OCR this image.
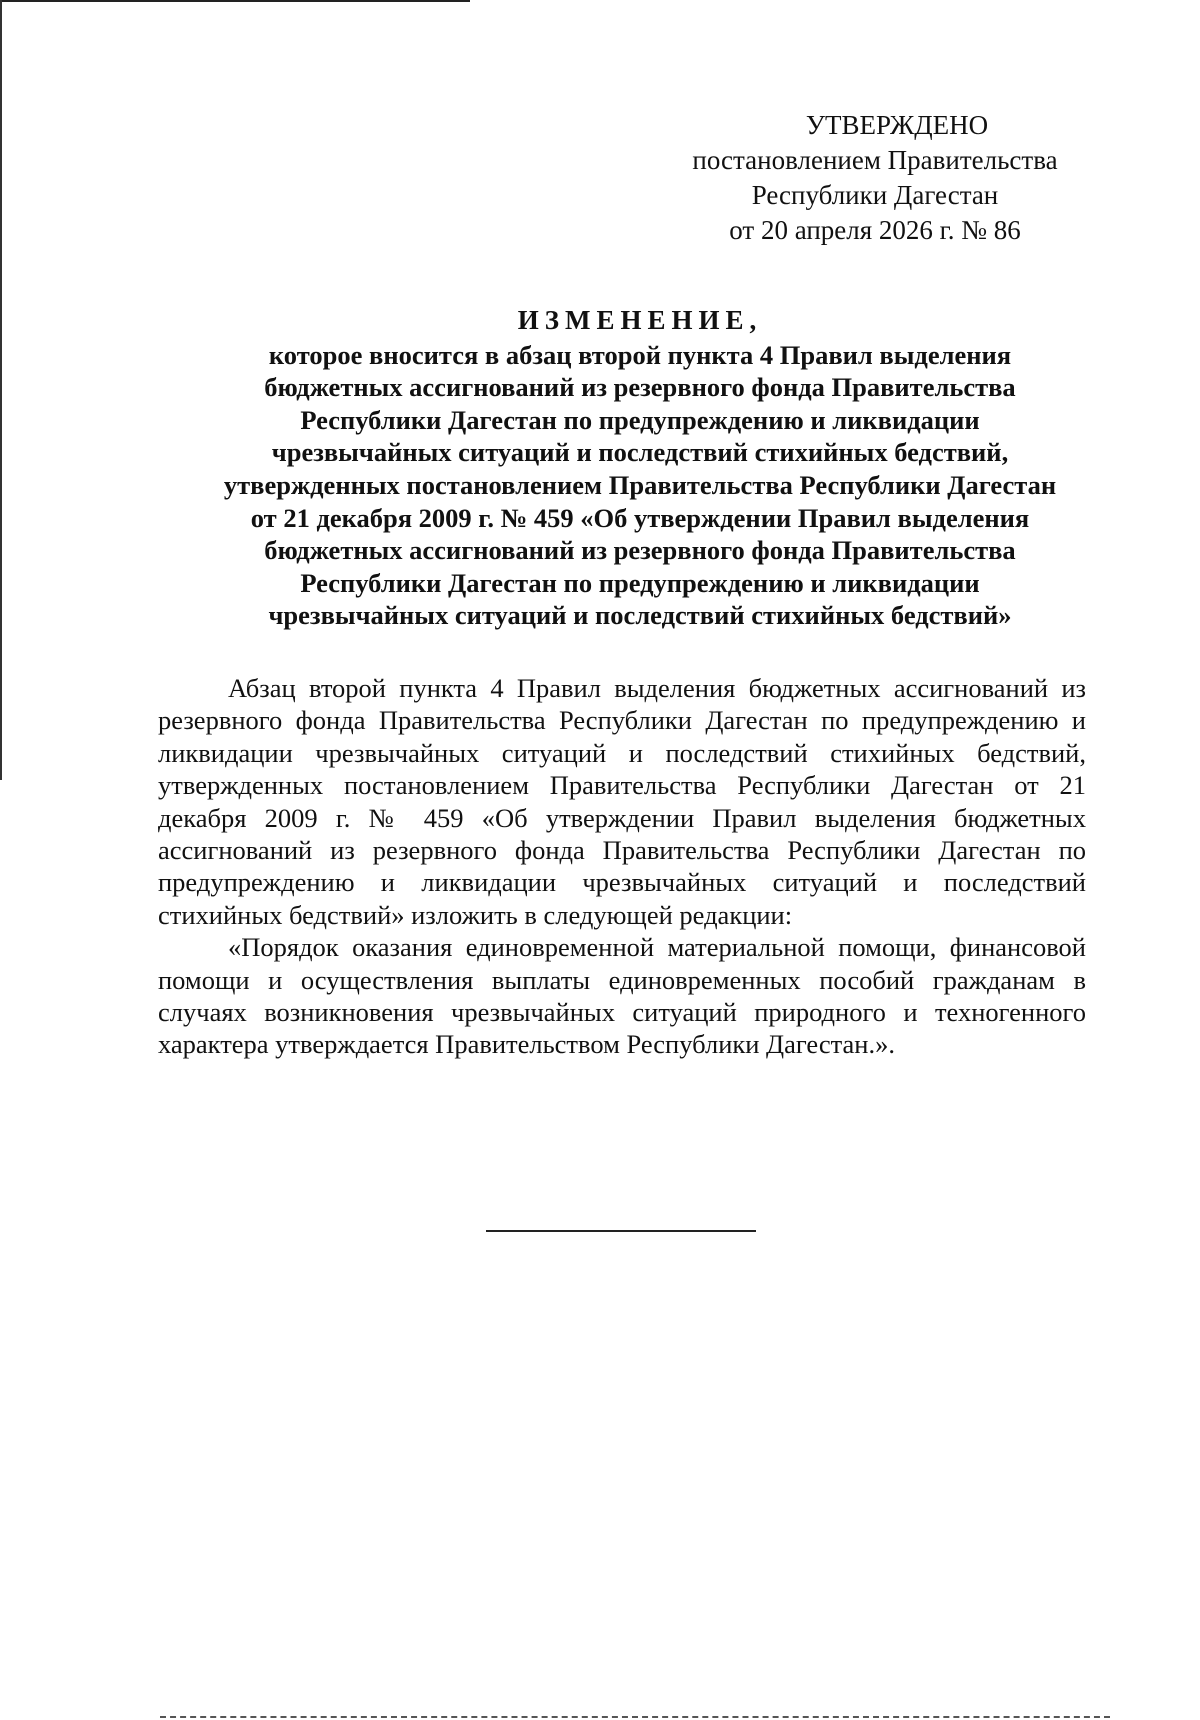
УТВЕРЖДЕНО
постановлением Правительства
Республики Дагестан
от 20 апреля 2026 г. № 86
ИЗМЕНЕНИЕ,
которое вносится в абзац второй пункта 4 Правил выделения
бюджетных ассигнований из резервного фонда Правительства
Республики Дагестан по предупреждению и ликвидации
чрезвычайных ситуаций и последствий стихийных бедствий,
утвержденных постановлением Правительства Республики Дагестан
от 21 декабря 2009 г. № 459 «Об утверждении Правил выделения
бюджетных ассигнований из резервного фонда Правительства
Республики Дагестан по предупреждению и ликвидации
чрезвычайных ситуаций и последствий стихийных бедствий»

Абзац второй пункта 4 Правил выделения бюджетных ассигнований из резервного фонда Правительства Республики Дагестан по предупреждению и ликвидации чрезвычайных ситуаций и последствий стихийных бедствий, утвержденных постановлением Правительства Республики Дагестан от 21 декабря 2009 г. № 459 «Об утверждении Правил выделения бюджетных ассигнований из резервного фонда Правительства Республики Дагестан по предупреждению и ликвидации чрезвычайных ситуаций и последствий стихийных бедствий» изложить в следующей редакции:

«Порядок оказания единовременной материальной помощи, финансовой помощи и осуществления выплаты единовременных пособий гражданам в случаях возникновения чрезвычайных ситуаций природного и техногенного характера утверждается Правительством Республики Дагестан.».
